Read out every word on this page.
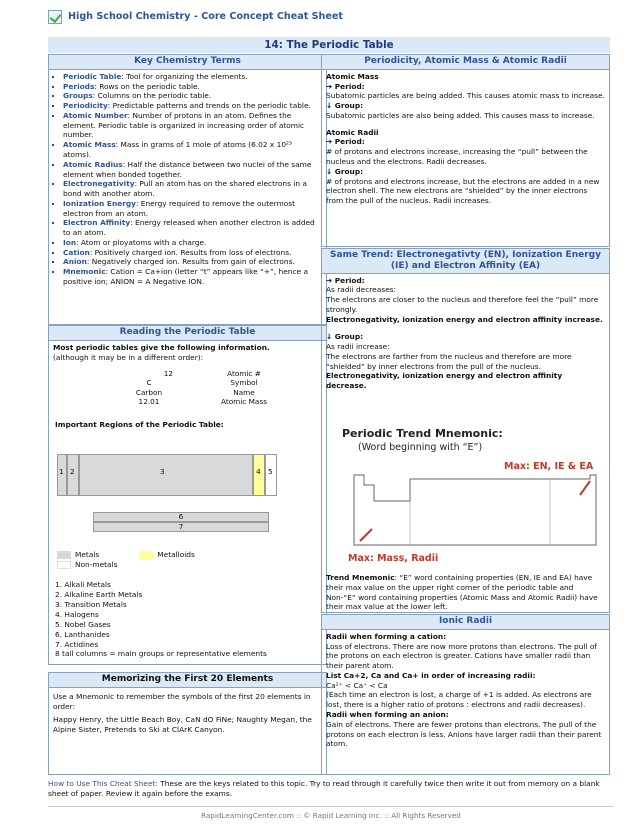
High School Chemistry - Core Concept Cheat Sheet
14: The Periodic Table
Key Chemistry Terms
• Periodic Table: Tool for organizing the elements.
• Periods: Rows on the periodic table.
• Groups: Columns on the periodic table.
• Periodicity: Predictable patterns and trends on the periodic table.
• Atomic Number: Number of protons in an atom. Defines the element. Periodic table is organized in increasing order of atomic number.
• Atomic Mass: Mass in grams of 1 mole of atoms (6.02 x 10²³ atoms).
• Atomic Radius: Half the distance between two nuclei of the same element when bonded together.
• Electronegativity: Pull an atom has on the shared electrons in a bond with another atom.
• Ionization Energy: Energy required to remove the outermost electron from an atom.
• Electron Affinity: Energy released when another electron is added to an atom.
• Ion: Atom or ployatoms with a charge.
• Cation: Positively charged ion. Results from loss of electrons.
• Anion: Negatively charged ion. Results from gain of electrons.
• Mnemonic: Cation = Ca+ion (letter “t” appears like “+”, hence a positive ion; ANION = A Negative ION.
Reading the Periodic Table
Most periodic tables give the following information.
(although it may be in a different order):
12
C
Carbon
12.01
Atomic #
Symbol
Name
Atomic Mass
Important Regions of the Periodic Table:
1 2	3	4 5
6
7
Metals	Metalloids
Non-metals
1. Alkali Metals
2. Alkaline Earth Metals
3. Transition Metals
4. Halogens
5. Nobel Gases
6. Lanthanides
7. Actidines
8 tall columns = main groups or representative elements
Memorizing the First 20 Elements
Use a Mnemonic to remember the symbols of the first 20 elements in order:
Happy Henry, the Little Beach Boy, CaN dO FiNe; Naughty Megan, the Alpine Sister, Pretends to Ski at ClArK Canyon.
Periodicity, Atomic Mass & Atomic Radii
Atomic Mass
➔ Period:
Subatomic particles are being added. This causes atomic mass to increase.
↓ Group:
Subatomic particles are also being added. This causes mass to increase.
Atomic Radii
➔ Period:
# of protons and electrons increase, increasing the “pull” between the nucleus and the electrons. Radii decreases.
↓ Group:
# of protons and electrons increase, but the electrons are added in a new electron shell. The new electrons are “shielded” by the inner electrons from the pull of the nucleus. Radii increases.
Same Trend: Electronegativty (EN), Ionization Energy (IE) and Electron Affinity (EA)
➔ Period:
As radii decreases:
The electrons are closer to the nucleus and therefore feel the “pull” more strongly.
Electronegativity, ionization energy and electron affinity increase.
↓ Group:
As radii increase:
The electrons are farther from the nucleus and therefore are more “shielded” by inner electrons from the pull of the nucleus.
Electronegativity, ionization energy and electron affinity decrease.
Periodic Trend Mnemonic:
(Word beginning with “E”)
Max: EN, IE & EA
Max: Mass, Radii
Trend Mnemonic: “E” word containing properties (EN, IE and EA) have their max value on the upper right corner of the periodic table and Non-“E” word containing properties (Atomic Mass and Atomic Radii) have their max value at the lower left.
Ionic Radii
Radii when forming a cation:
Loss of electrons. There are now more protons than electrons. The pull of the protons on each electron is greater. Cations have smaller radii than their parent atom.
List Ca+2, Ca and Ca+ in order of increasing radii:
Ca²⁺ < Ca⁺ < Ca
(Each time an electron is lost, a charge of +1 is added. As electrons are lost, there is a higher ratio of protons : electrons and radii decreases).
Radii when forming an anion:
Gain of electrons. There are fewer protons than electrons. The pull of the protons on each electron is less. Anions have larger radii than their parent atom.
How to Use This Cheat Sheet: These are the keys related to this topic. Try to read through it carefully twice then write it out from memory on a blank sheet of paper. Review it again before the exams.
RapidLearningCenter.com :: © Rapid Learning Inc. :: All Rights Reserved
